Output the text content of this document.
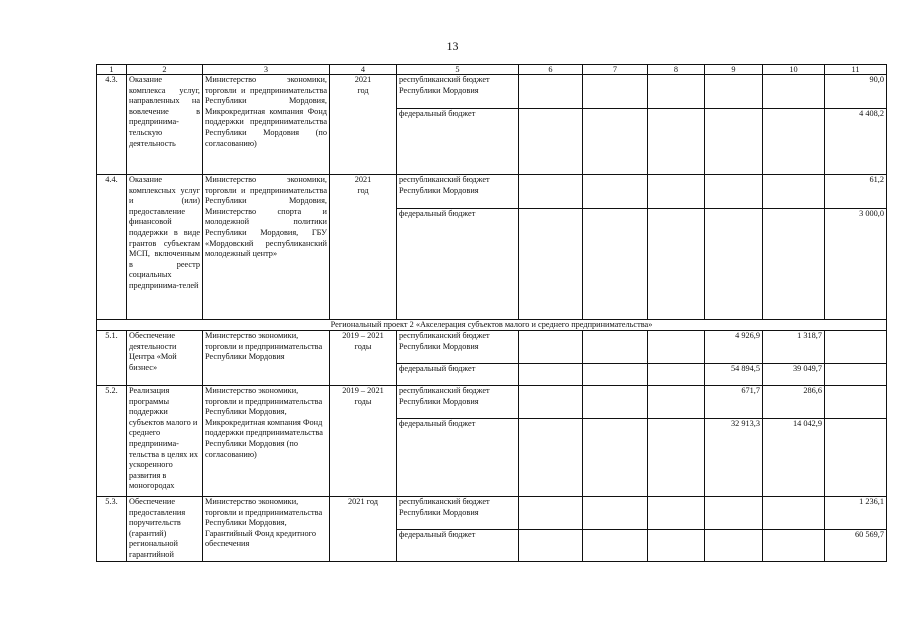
13
1	2	3	4	5	6	7	8	9	10	11
4.3.	Оказание комплекса услуг, направленных на вовлечение в предпринима-тельскую деятельность	Министерство экономики, торговли и предпринимательства Республики Мордовия, Микрокредитная компания Фонд поддержки предпринимательства Республики Мордовия (по согласованию)	2021
год	республиканский бюджет Республики Мордовия						90,0
				федеральный бюджет						4 408,2
4.4.	Оказание комплексных услуг и (или) предоставление финансовой поддержки в виде грантов субъектам МСП, включенным в реестр социальных предпринима-телей	Министерство экономики, торговли и предпринимательства Республики Мордовия, Министерство спорта и молодежной политики Республики Мордовия, ГБУ «Мордовский республиканский молодежный центр»	2021
год	республиканский бюджет Республики Мордовия						61,2
				федеральный бюджет						3 000,0
Региональный проект 2 «Акселерация субъектов малого и среднего предпринимательства»										
5.1.	Обеспечение деятельности Центра «Мой бизнес»	Министерство экономики, торговли и предпринимательства Республики Мордовия	2019 – 2021
годы	республиканский бюджет Республики Мордовия				4 926,9	1 318,7	
				федеральный бюджет				54 894,5	39 049,7	
5.2.	Реализация программы поддержки субъектов малого и среднего предпринима-тельства в целях их ускоренного развития в моногородах	Министерство экономики, торговли и предпринимательства Республики Мордовия, Микрокредитная компания Фонд поддержки предпринимательства Республики Мордовия (по согласованию)	2019 – 2021
годы	республиканский бюджет Республики Мордовия				671,7	286,6	
				федеральный бюджет				32 913,3	14 042,9	
5.3.	Обеспечение предоставления поручительств (гарантий) региональной гарантийной	Министерство экономики, торговли и предпринимательства Республики Мордовия, Гарантийный Фонд кредитного обеспечения	2021 год	республиканский бюджет Республики Мордовия						1 236,1
				федеральный бюджет						60 569,7
